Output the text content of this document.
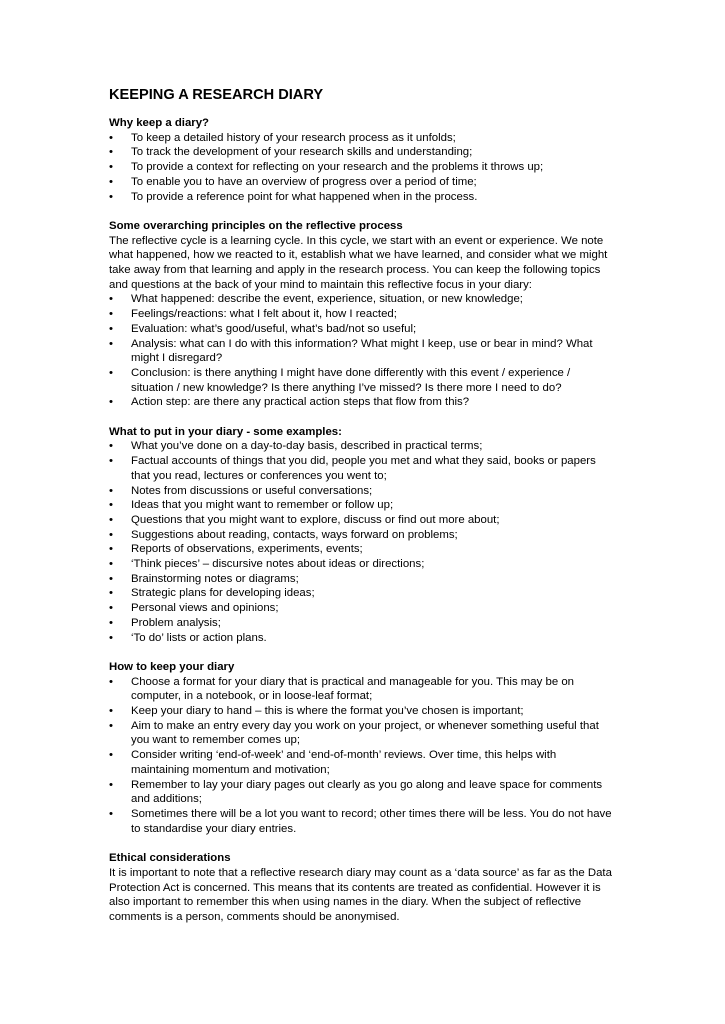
KEEPING A RESEARCH DIARY

Why keep a diary?

• To keep a detailed history of your research process as it unfolds;
• To track the development of your research skills and understanding;
• To provide a context for reflecting on your research and the problems it throws up;
• To enable you to have an overview of progress over a period of time;
• To provide a reference point for what happened when in the process.

Some overarching principles on the reflective process

The reflective cycle is a learning cycle. In this cycle, we start with an event or experience. We note what happened, how we reacted to it, establish what we have learned, and consider what we might take away from that learning and apply in the research process. You can keep the following topics and questions at the back of your mind to maintain this reflective focus in your diary:

• What happened: describe the event, experience, situation, or new knowledge;
• Feelings/reactions: what I felt about it, how I reacted;
• Evaluation: what’s good/useful, what’s bad/not so useful;
• Analysis: what can I do with this information? What might I keep, use or bear in mind? What might I disregard?
• Conclusion: is there anything I might have done differently with this event / experience / situation / new knowledge? Is there anything I’ve missed? Is there more I need to do?
• Action step: are there any practical action steps that flow from this?

What to put in your diary - some examples:

• What you’ve done on a day-to-day basis, described in practical terms;
• Factual accounts of things that you did, people you met and what they said, books or papers that you read, lectures or conferences you went to;
• Notes from discussions or useful conversations;
• Ideas that you might want to remember or follow up;
• Questions that you might want to explore, discuss or find out more about;
• Suggestions about reading, contacts, ways forward on problems;
• Reports of observations, experiments, events;
• ‘Think pieces’ – discursive notes about ideas or directions;
• Brainstorming notes or diagrams;
• Strategic plans for developing ideas;
• Personal views and opinions;
• Problem analysis;
• ‘To do’ lists or action plans.

How to keep your diary

• Choose a format for your diary that is practical and manageable for you. This may be on computer, in a notebook, or in loose-leaf format;
• Keep your diary to hand – this is where the format you’ve chosen is important;
• Aim to make an entry every day you work on your project, or whenever something useful that you want to remember comes up;
• Consider writing ‘end-of-week’ and ‘end-of-month’ reviews. Over time, this helps with maintaining momentum and motivation;
• Remember to lay your diary pages out clearly as you go along and leave space for comments and additions;
• Sometimes there will be a lot you want to record; other times there will be less. You do not have to standardise your diary entries.

Ethical considerations

It is important to note that a reflective research diary may count as a ‘data source’ as far as the Data Protection Act is concerned. This means that its contents are treated as confidential. However it is also important to remember this when using names in the diary. When the subject of reflective comments is a person, comments should be anonymised.
